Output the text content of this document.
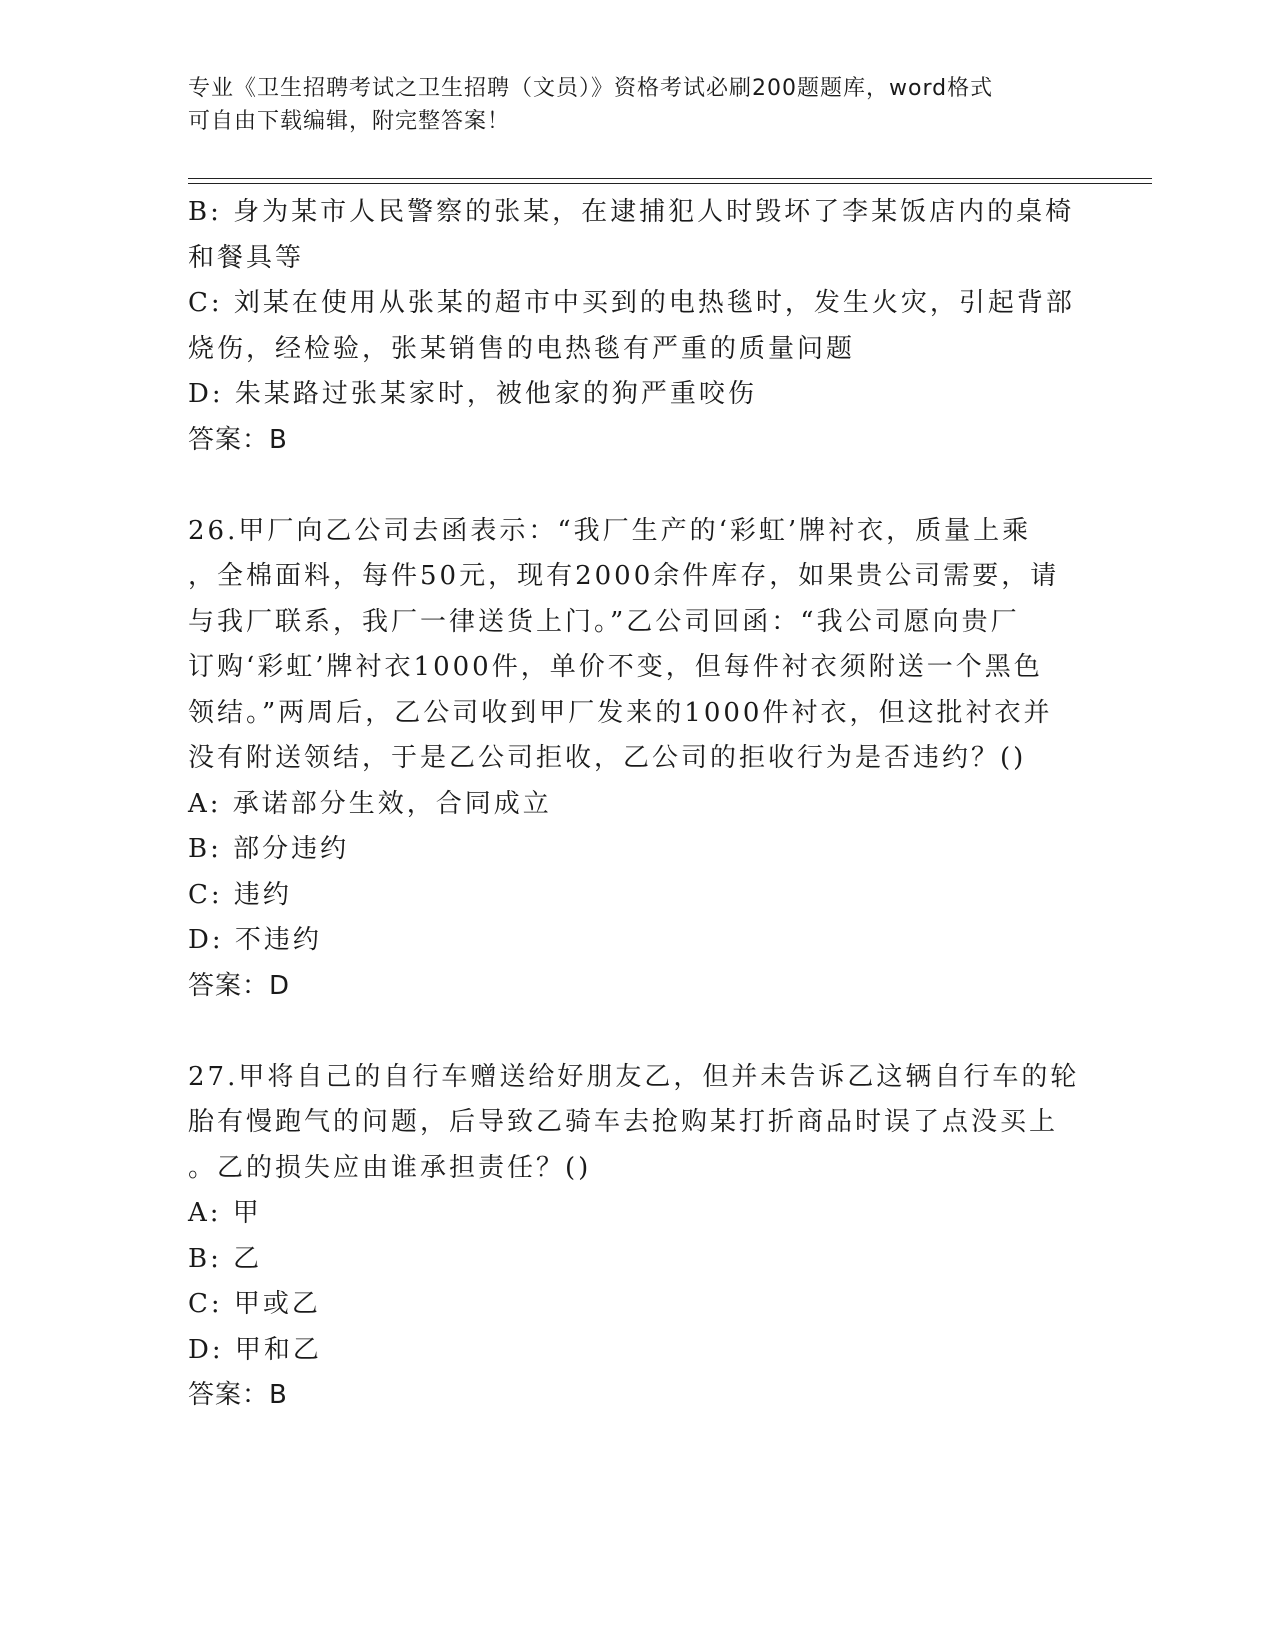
专业《卫生招聘考试之卫生招聘（文员）》资格考试必刷200题题库，word格式
可自由下载编辑，附完整答案！
B: 身为某市人民警察的张某，在逮捕犯人时毁坏了李某饭店内的桌椅
和餐具等
C: 刘某在使用从张某的超市中买到的电热毯时，发生火灾，引起背部
烧伤，经检验，张某销售的电热毯有严重的质量问题
D: 朱某路过张某家时，被他家的狗严重咬伤
答案：B
26.甲厂向乙公司去函表示：“我厂生产的‘彩虹’牌衬衣，质量上乘
，全棉面料，每件50元，现有2000余件库存，如果贵公司需要，请
与我厂联系，我厂一律送货上门。”乙公司回函：“我公司愿向贵厂
订购‘彩虹’牌衬衣1000件，单价不变，但每件衬衣须附送一个黑色
领结。”两周后，乙公司收到甲厂发来的1000件衬衣，但这批衬衣并
没有附送领结，于是乙公司拒收，乙公司的拒收行为是否违约？()
A: 承诺部分生效，合同成立
B: 部分违约
C: 违约
D: 不违约
答案：D
27.甲将自己的自行车赠送给好朋友乙，但并未告诉乙这辆自行车的轮
胎有慢跑气的问题，后导致乙骑车去抢购某打折商品时误了点没买上
。乙的损失应由谁承担责任？()
A: 甲
B: 乙
C: 甲或乙
D: 甲和乙
答案：B
